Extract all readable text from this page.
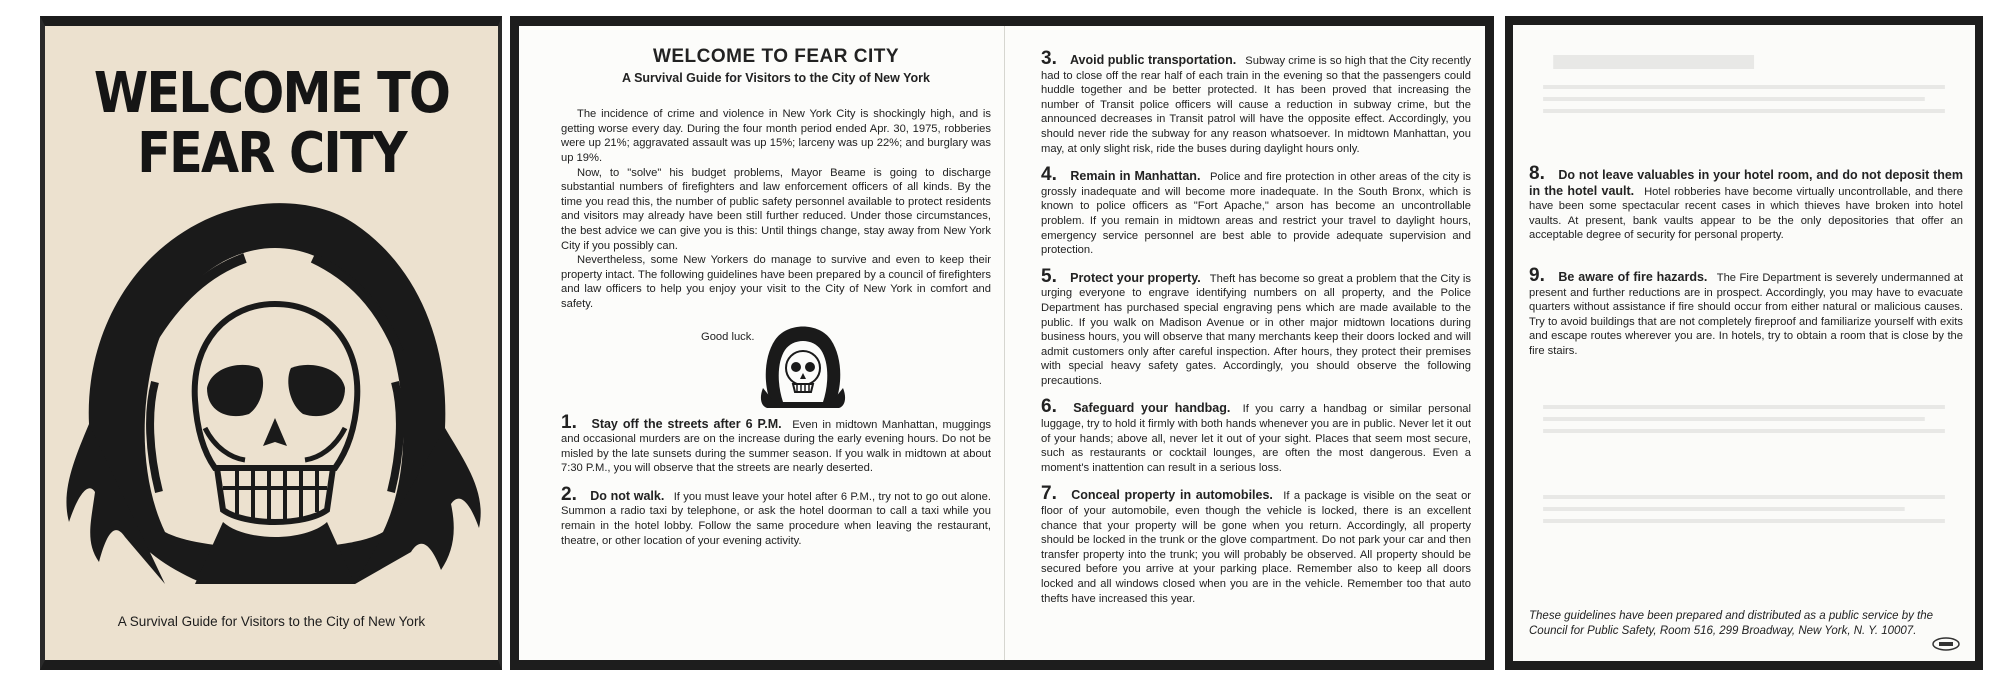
WELCOME TO
FEAR CITY
A Survival Guide for Visitors to the City of New York
WELCOME TO FEAR CITY
A Survival Guide for Visitors to the City of New York

The incidence of crime and violence in New York City is shockingly high, and is getting worse every day. During the four month period ended Apr. 30, 1975, robberies were up 21%; aggravated assault was up 15%; larceny was up 22%; and burglary was up 19%.

Now, to "solve" his budget problems, Mayor Beame is going to discharge substantial numbers of firefighters and law enforcement officers of all kinds. By the time you read this, the number of public safety personnel available to protect residents and visitors may already have been still further reduced. Under those circumstances, the best advice we can give you is this: Until things change, stay away from New York City if you possibly can.

Nevertheless, some New Yorkers do manage to survive and even to keep their property intact. The following guidelines have been prepared by a council of firefighters and law officers to help you enjoy your visit to the City of New York in comfort and safety.

Good luck.
1. Stay off the streets after 6 P.M. Even in midtown Manhattan, muggings and occasional murders are on the increase during the early evening hours. Do not be misled by the late sunsets during the summer season. If you walk in midtown at about 7:30 P.M., you will observe that the streets are nearly deserted.
2. Do not walk. If you must leave your hotel after 6 P.M., try not to go out alone. Summon a radio taxi by telephone, or ask the hotel doorman to call a taxi while you remain in the hotel lobby. Follow the same procedure when leaving the restaurant, theatre, or other location of your evening activity.
3. Avoid public transportation. Subway crime is so high that the City recently had to close off the rear half of each train in the evening so that the passengers could huddle together and be better protected. It has been proved that increasing the number of Transit police officers will cause a reduction in subway crime, but the announced decreases in Transit patrol will have the opposite effect. Accordingly, you should never ride the subway for any reason whatsoever. In midtown Manhattan, you may, at only slight risk, ride the buses during daylight hours only.
4. Remain in Manhattan. Police and fire protection in other areas of the city is grossly inadequate and will become more inadequate. In the South Bronx, which is known to police officers as "Fort Apache," arson has become an uncontrollable problem. If you remain in midtown areas and restrict your travel to daylight hours, emergency service personnel are best able to provide adequate supervision and protection.
5. Protect your property. Theft has become so great a problem that the City is urging everyone to engrave identifying numbers on all property, and the Police Department has purchased special engraving pens which are made available to the public. If you walk on Madison Avenue or in other major midtown locations during business hours, you will observe that many merchants keep their doors locked and will admit customers only after careful inspection. After hours, they protect their premises with special heavy safety gates. Accordingly, you should observe the following precautions.
6. Safeguard your handbag. If you carry a handbag or similar personal luggage, try to hold it firmly with both hands whenever you are in public. Never let it out of your hands; above all, never let it out of your sight. Places that seem most secure, such as restaurants or cocktail lounges, are often the most dangerous. Even a moment's inattention can result in a serious loss.
7. Conceal property in automobiles. If a package is visible on the seat or floor of your automobile, even though the vehicle is locked, there is an excellent chance that your property will be gone when you return. Accordingly, all property should be locked in the trunk or the glove compartment. Do not park your car and then transfer property into the trunk; you will probably be observed. All property should be secured before you arrive at your parking place. Remember also to keep all doors locked and all windows closed when you are in the vehicle. Remember too that auto thefts have increased this year.
8. Do not leave valuables in your hotel room, and do not deposit them in the hotel vault. Hotel robberies have become virtually uncontrollable, and there have been some spectacular recent cases in which thieves have broken into hotel vaults. At present, bank vaults appear to be the only depositories that offer an acceptable degree of security for personal property.
9. Be aware of fire hazards. The Fire Department is severely undermanned at present and further reductions are in prospect. Accordingly, you may have to evacuate quarters without assistance if fire should occur from either natural or malicious causes. Try to avoid buildings that are not completely fireproof and familiarize yourself with exits and escape routes wherever you are. In hotels, try to obtain a room that is close by the fire stairs.
These guidelines have been prepared and distributed as a public service by the Council for Public Safety, Room 516, 299 Broadway, New York, N. Y. 10007.
